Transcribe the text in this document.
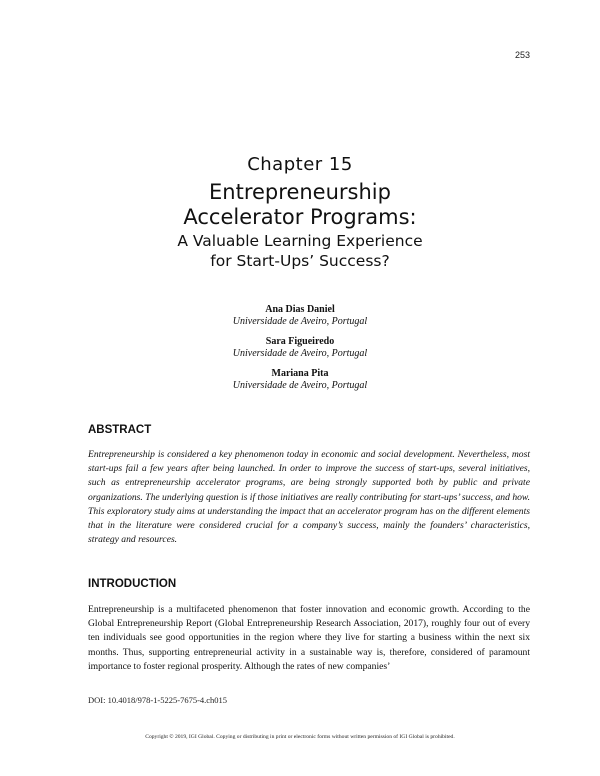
253
Chapter 15
Entrepreneurship
Accelerator Programs:
A Valuable Learning Experience
for Start-Ups’ Success?
Ana Dias Daniel
Universidade de Aveiro, Portugal
Sara Figueiredo
Universidade de Aveiro, Portugal
Mariana Pita
Universidade de Aveiro, Portugal
ABSTRACT
Entrepreneurship is considered a key phenomenon today in economic and social development. Nevertheless, most start-ups fail a few years after being launched. In order to improve the success of start-ups, several initiatives, such as entrepreneurship accelerator programs, are being strongly supported both by public and private organizations. The underlying question is if those initiatives are really contributing for start-ups’ success, and how. This exploratory study aims at understanding the impact that an accelerator program has on the different elements that in the literature were considered crucial for a company’s success, mainly the founders’ characteristics, strategy and resources.
INTRODUCTION
Entrepreneurship is a multifaceted phenomenon that foster innovation and economic growth. According to the Global Entrepreneurship Report (Global Entrepreneurship Research Association, 2017), roughly four out of every ten individuals see good opportunities in the region where they live for starting a business within the next six months. Thus, supporting entrepreneurial activity in a sustainable way is, therefore, considered of paramount importance to foster regional prosperity. Although the rates of new companies’
DOI: 10.4018/978-1-5225-7675-4.ch015
Copyright © 2019, IGI Global. Copying or distributing in print or electronic forms without written permission of IGI Global is prohibited.
